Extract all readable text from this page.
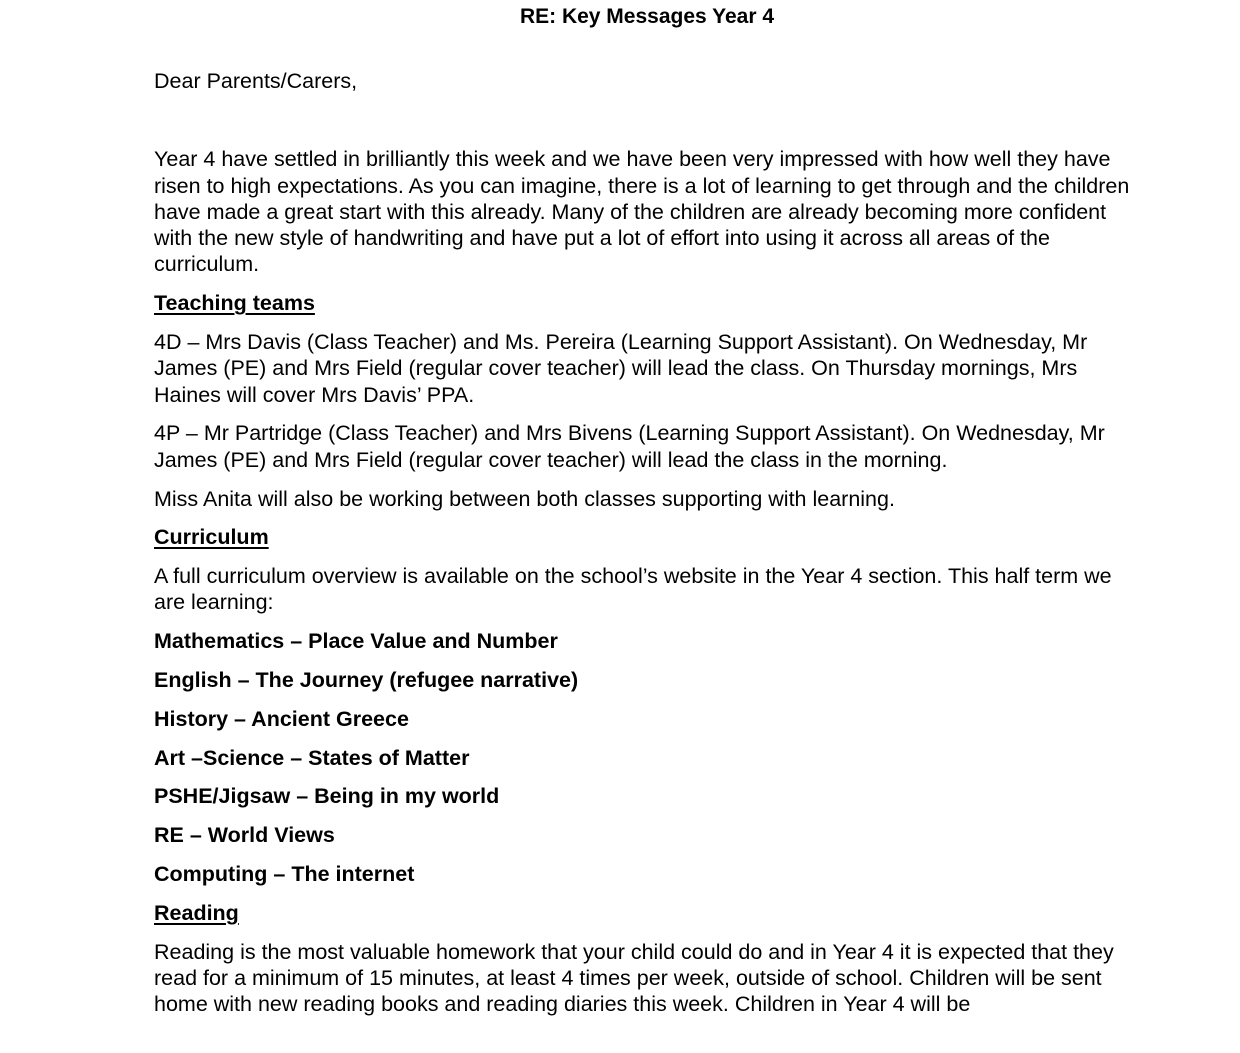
RE: Key Messages Year 4

Dear Parents/Carers,

Year 4 have settled in brilliantly this week and we have been very impressed with how well they have risen to high expectations. As you can imagine, there is a lot of learning to get through and the children have made a great start with this already. Many of the children are already becoming more confident with the new style of handwriting and have put a lot of effort into using it across all areas of the curriculum.

Teaching teams

4D – Mrs Davis (Class Teacher) and Ms. Pereira (Learning Support Assistant). On Wednesday, Mr James (PE) and Mrs Field (regular cover teacher) will lead the class. On Thursday mornings, Mrs Haines will cover Mrs Davis’ PPA.

4P – Mr Partridge (Class Teacher) and Mrs Bivens (Learning Support Assistant). On Wednesday, Mr James (PE) and Mrs Field (regular cover teacher) will lead the class in the morning.

Miss Anita will also be working between both classes supporting with learning.

Curriculum

A full curriculum overview is available on the school’s website in the Year 4 section. This half term we are learning:

Mathematics – Place Value and Number

English – The Journey (refugee narrative)

History – Ancient Greece

Art –Science – States of Matter

PSHE/Jigsaw – Being in my world

RE – World Views

Computing – The internet

Reading

Reading is the most valuable homework that your child could do and in Year 4 it is expected that they read for a minimum of 15 minutes, at least 4 times per week, outside of school. Children will be sent home with new reading books and reading diaries this week. Children in Year 4 will be
